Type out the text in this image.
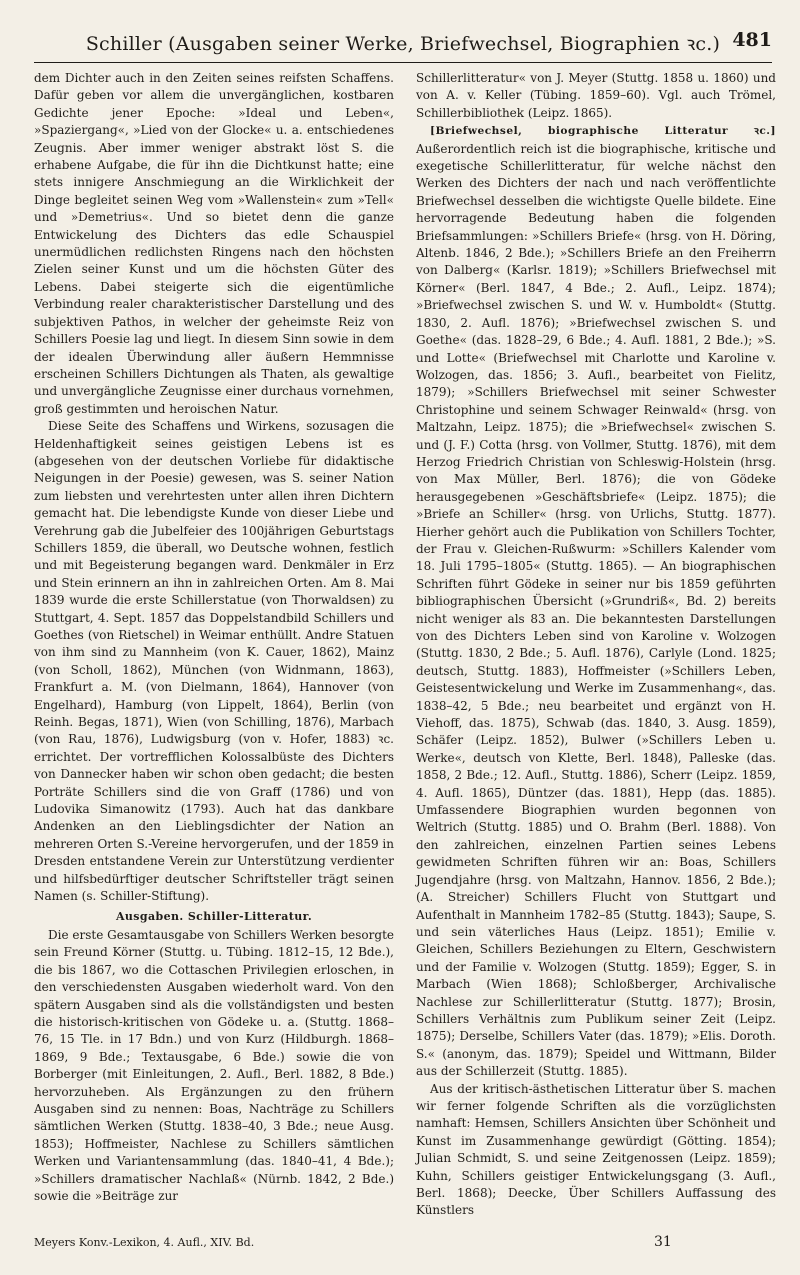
Schiller (Ausgaben seiner Werke, Briefwechsel, Biographien ꝛc.) 481

dem Dichter auch in den Zeiten seines reifsten Schaffens. Dafür geben vor allem die unvergänglichen, kostbaren Gedichte jener Epoche: »Ideal und Leben«, »Spaziergang«, »Lied von der Glocke« u. a. entschiedenes Zeugnis. Aber immer weniger abstrakt löst S. die erhabene Aufgabe, die für ihn die Dichtkunst hatte; eine stets innigere Anschmiegung an die Wirklichkeit der Dinge begleitet seinen Weg vom »Wallenstein« zum »Tell« und »Demetrius«. Und so bietet denn die ganze Entwickelung des Dichters das edle Schauspiel unermüdlichen redlichsten Ringens nach den höchsten Zielen seiner Kunst und um die höchsten Güter des Lebens. Dabei steigerte sich die eigentümliche Verbindung realer charakteristischer Darstellung und des subjektiven Pathos, in welcher der geheimste Reiz von Schillers Poesie lag und liegt. In diesem Sinn sowie in dem der idealen Überwindung aller äußern Hemmnisse erscheinen Schillers Dichtungen als Thaten, als gewaltige und unvergängliche Zeugnisse einer durchaus vornehmen, groß gestimmten und heroischen Natur.

Diese Seite des Schaffens und Wirkens, sozusagen die Heldenhaftigkeit seines geistigen Lebens ist es (abgesehen von der deutschen Vorliebe für didaktische Neigungen in der Poesie) gewesen, was S. seiner Nation zum liebsten und verehrtesten unter allen ihren Dichtern gemacht hat. Die lebendigste Kunde von dieser Liebe und Verehrung gab die Jubelfeier des 100jährigen Geburtstags Schillers 1859, die überall, wo Deutsche wohnen, festlich und mit Begeisterung begangen ward. Denkmäler in Erz und Stein erinnern an ihn in zahlreichen Orten. Am 8. Mai 1839 wurde die erste Schillerstatue (von Thorwaldsen) zu Stuttgart, 4. Sept. 1857 das Doppelstandbild Schillers und Goethes (von Rietschel) in Weimar enthüllt. Andre Statuen von ihm sind zu Mannheim (von K. Cauer, 1862), Mainz (von Scholl, 1862), München (von Widnmann, 1863), Frankfurt a. M. (von Dielmann, 1864), Hannover (von Engelhard), Hamburg (von Lippelt, 1864), Berlin (von Reinh. Begas, 1871), Wien (von Schilling, 1876), Marbach (von Rau, 1876), Ludwigsburg (von v. Hofer, 1883) ꝛc. errichtet. Der vortrefflichen Kolossalbüste des Dichters von Dannecker haben wir schon oben gedacht; die besten Porträte Schillers sind die von Graff (1786) und von Ludovika Simanowitz (1793). Auch hat das dankbare Andenken an den Lieblingsdichter der Nation an mehreren Orten S.-Vereine hervorgerufen, und der 1859 in Dresden entstandene Verein zur Unterstützung verdienter und hilfsbedürftiger deutscher Schriftsteller trägt seinen Namen (s. Schiller-Stiftung).

Ausgaben. Schiller-Litteratur.

Die erste Gesamtausgabe von Schillers Werken besorgte sein Freund Körner (Stuttg. u. Tübing. 1812–15, 12 Bde.), die bis 1867, wo die Cottaschen Privilegien erloschen, in den verschiedensten Ausgaben wiederholt ward. Von den spätern Ausgaben sind als die vollständigsten und besten die historisch-kritischen von Gödeke u. a. (Stuttg. 1868–76, 15 Tle. in 17 Bdn.) und von Kurz (Hildburgh. 1868–1869, 9 Bde.; Textausgabe, 6 Bde.) sowie die von Borberger (mit Einleitungen, 2. Aufl., Berl. 1882, 8 Bde.) hervorzuheben. Als Ergänzungen zu den frühern Ausgaben sind zu nennen: Boas, Nachträge zu Schillers sämtlichen Werken (Stuttg. 1838–40, 3 Bde.; neue Ausg. 1853); Hoffmeister, Nachlese zu Schillers sämtlichen Werken und Variantensammlung (das. 1840–41, 4 Bde.); »Schillers dramatischer Nachlaß« (Nürnb. 1842, 2 Bde.) sowie die »Beiträge zur

Schillerlitteratur« von J. Meyer (Stuttg. 1858 u. 1860) und von A. v. Keller (Tübing. 1859–60). Vgl. auch Trömel, Schillerbibliothek (Leipz. 1865).

[Briefwechsel, biographische Litteratur ꝛc.] Außerordentlich reich ist die biographische, kritische und exegetische Schillerlitteratur, für welche nächst den Werken des Dichters der nach und nach veröffentlichte Briefwechsel desselben die wichtigste Quelle bildete. Eine hervorragende Bedeutung haben die folgenden Briefsammlungen: »Schillers Briefe« (hrsg. von H. Döring, Altenb. 1846, 2 Bde.); »Schillers Briefe an den Freiherrn von Dalberg« (Karlsr. 1819); »Schillers Briefwechsel mit Körner« (Berl. 1847, 4 Bde.; 2. Aufl., Leipz. 1874); »Briefwechsel zwischen S. und W. v. Humboldt« (Stuttg. 1830, 2. Aufl. 1876); »Briefwechsel zwischen S. und Goethe« (das. 1828–29, 6 Bde.; 4. Aufl. 1881, 2 Bde.); »S. und Lotte« (Briefwechsel mit Charlotte und Karoline v. Wolzogen, das. 1856; 3. Aufl., bearbeitet von Fielitz, 1879); »Schillers Briefwechsel mit seiner Schwester Christophine und seinem Schwager Reinwald« (hrsg. von Maltzahn, Leipz. 1875); die »Briefwechsel« zwischen S. und (J. F.) Cotta (hrsg. von Vollmer, Stuttg. 1876), mit dem Herzog Friedrich Christian von Schleswig-Holstein (hrsg. von Max Müller, Berl. 1876); die von Gödeke herausgegebenen »Geschäftsbriefe« (Leipz. 1875); die »Briefe an Schiller« (hrsg. von Urlichs, Stuttg. 1877). Hierher gehört auch die Publikation von Schillers Tochter, der Frau v. Gleichen-Rußwurm: »Schillers Kalender vom 18. Juli 1795–1805« (Stuttg. 1865). — An biographischen Schriften führt Gödeke in seiner nur bis 1859 geführten bibliographischen Übersicht (»Grundriß«, Bd. 2) bereits nicht weniger als 83 an. Die bekanntesten Darstellungen von des Dichters Leben sind von Karoline v. Wolzogen (Stuttg. 1830, 2 Bde.; 5. Aufl. 1876), Carlyle (Lond. 1825; deutsch, Stuttg. 1883), Hoffmeister (»Schillers Leben, Geistesentwickelung und Werke im Zusammenhang«, das. 1838–42, 5 Bde.; neu bearbeitet und ergänzt von H. Viehoff, das. 1875), Schwab (das. 1840, 3. Ausg. 1859), Schäfer (Leipz. 1852), Bulwer (»Schillers Leben u. Werke«, deutsch von Klette, Berl. 1848), Palleske (das. 1858, 2 Bde.; 12. Aufl., Stuttg. 1886), Scherr (Leipz. 1859, 4. Aufl. 1865), Düntzer (das. 1881), Hepp (das. 1885). Umfassendere Biographien wurden begonnen von Weltrich (Stuttg. 1885) und O. Brahm (Berl. 1888). Von den zahlreichen, einzelnen Partien seines Lebens gewidmeten Schriften führen wir an: Boas, Schillers Jugendjahre (hrsg. von Maltzahn, Hannov. 1856, 2 Bde.); (A. Streicher) Schillers Flucht von Stuttgart und Aufenthalt in Mannheim 1782–85 (Stuttg. 1843); Saupe, S. und sein väterliches Haus (Leipz. 1851); Emilie v. Gleichen, Schillers Beziehungen zu Eltern, Geschwistern und der Familie v. Wolzogen (Stuttg. 1859); Egger, S. in Marbach (Wien 1868); Schloßberger, Archivalische Nachlese zur Schillerlitteratur (Stuttg. 1877); Brosin, Schillers Verhältnis zum Publikum seiner Zeit (Leipz. 1875); Derselbe, Schillers Vater (das. 1879); »Elis. Doroth. S.« (anonym, das. 1879); Speidel und Wittmann, Bilder aus der Schillerzeit (Stuttg. 1885).

Aus der kritisch-ästhetischen Litteratur über S. machen wir ferner folgende Schriften als die vorzüglichsten namhaft: Hemsen, Schillers Ansichten über Schönheit und Kunst im Zusammenhange gewürdigt (Götting. 1854); Julian Schmidt, S. und seine Zeitgenossen (Leipz. 1859); Kuhn, Schillers geistiger Entwickelungsgang (3. Aufl., Berl. 1868); Deecke, Über Schillers Auffassung des Künstlers

Meyers Konv.-Lexikon, 4. Aufl., XIV. Bd.	31
